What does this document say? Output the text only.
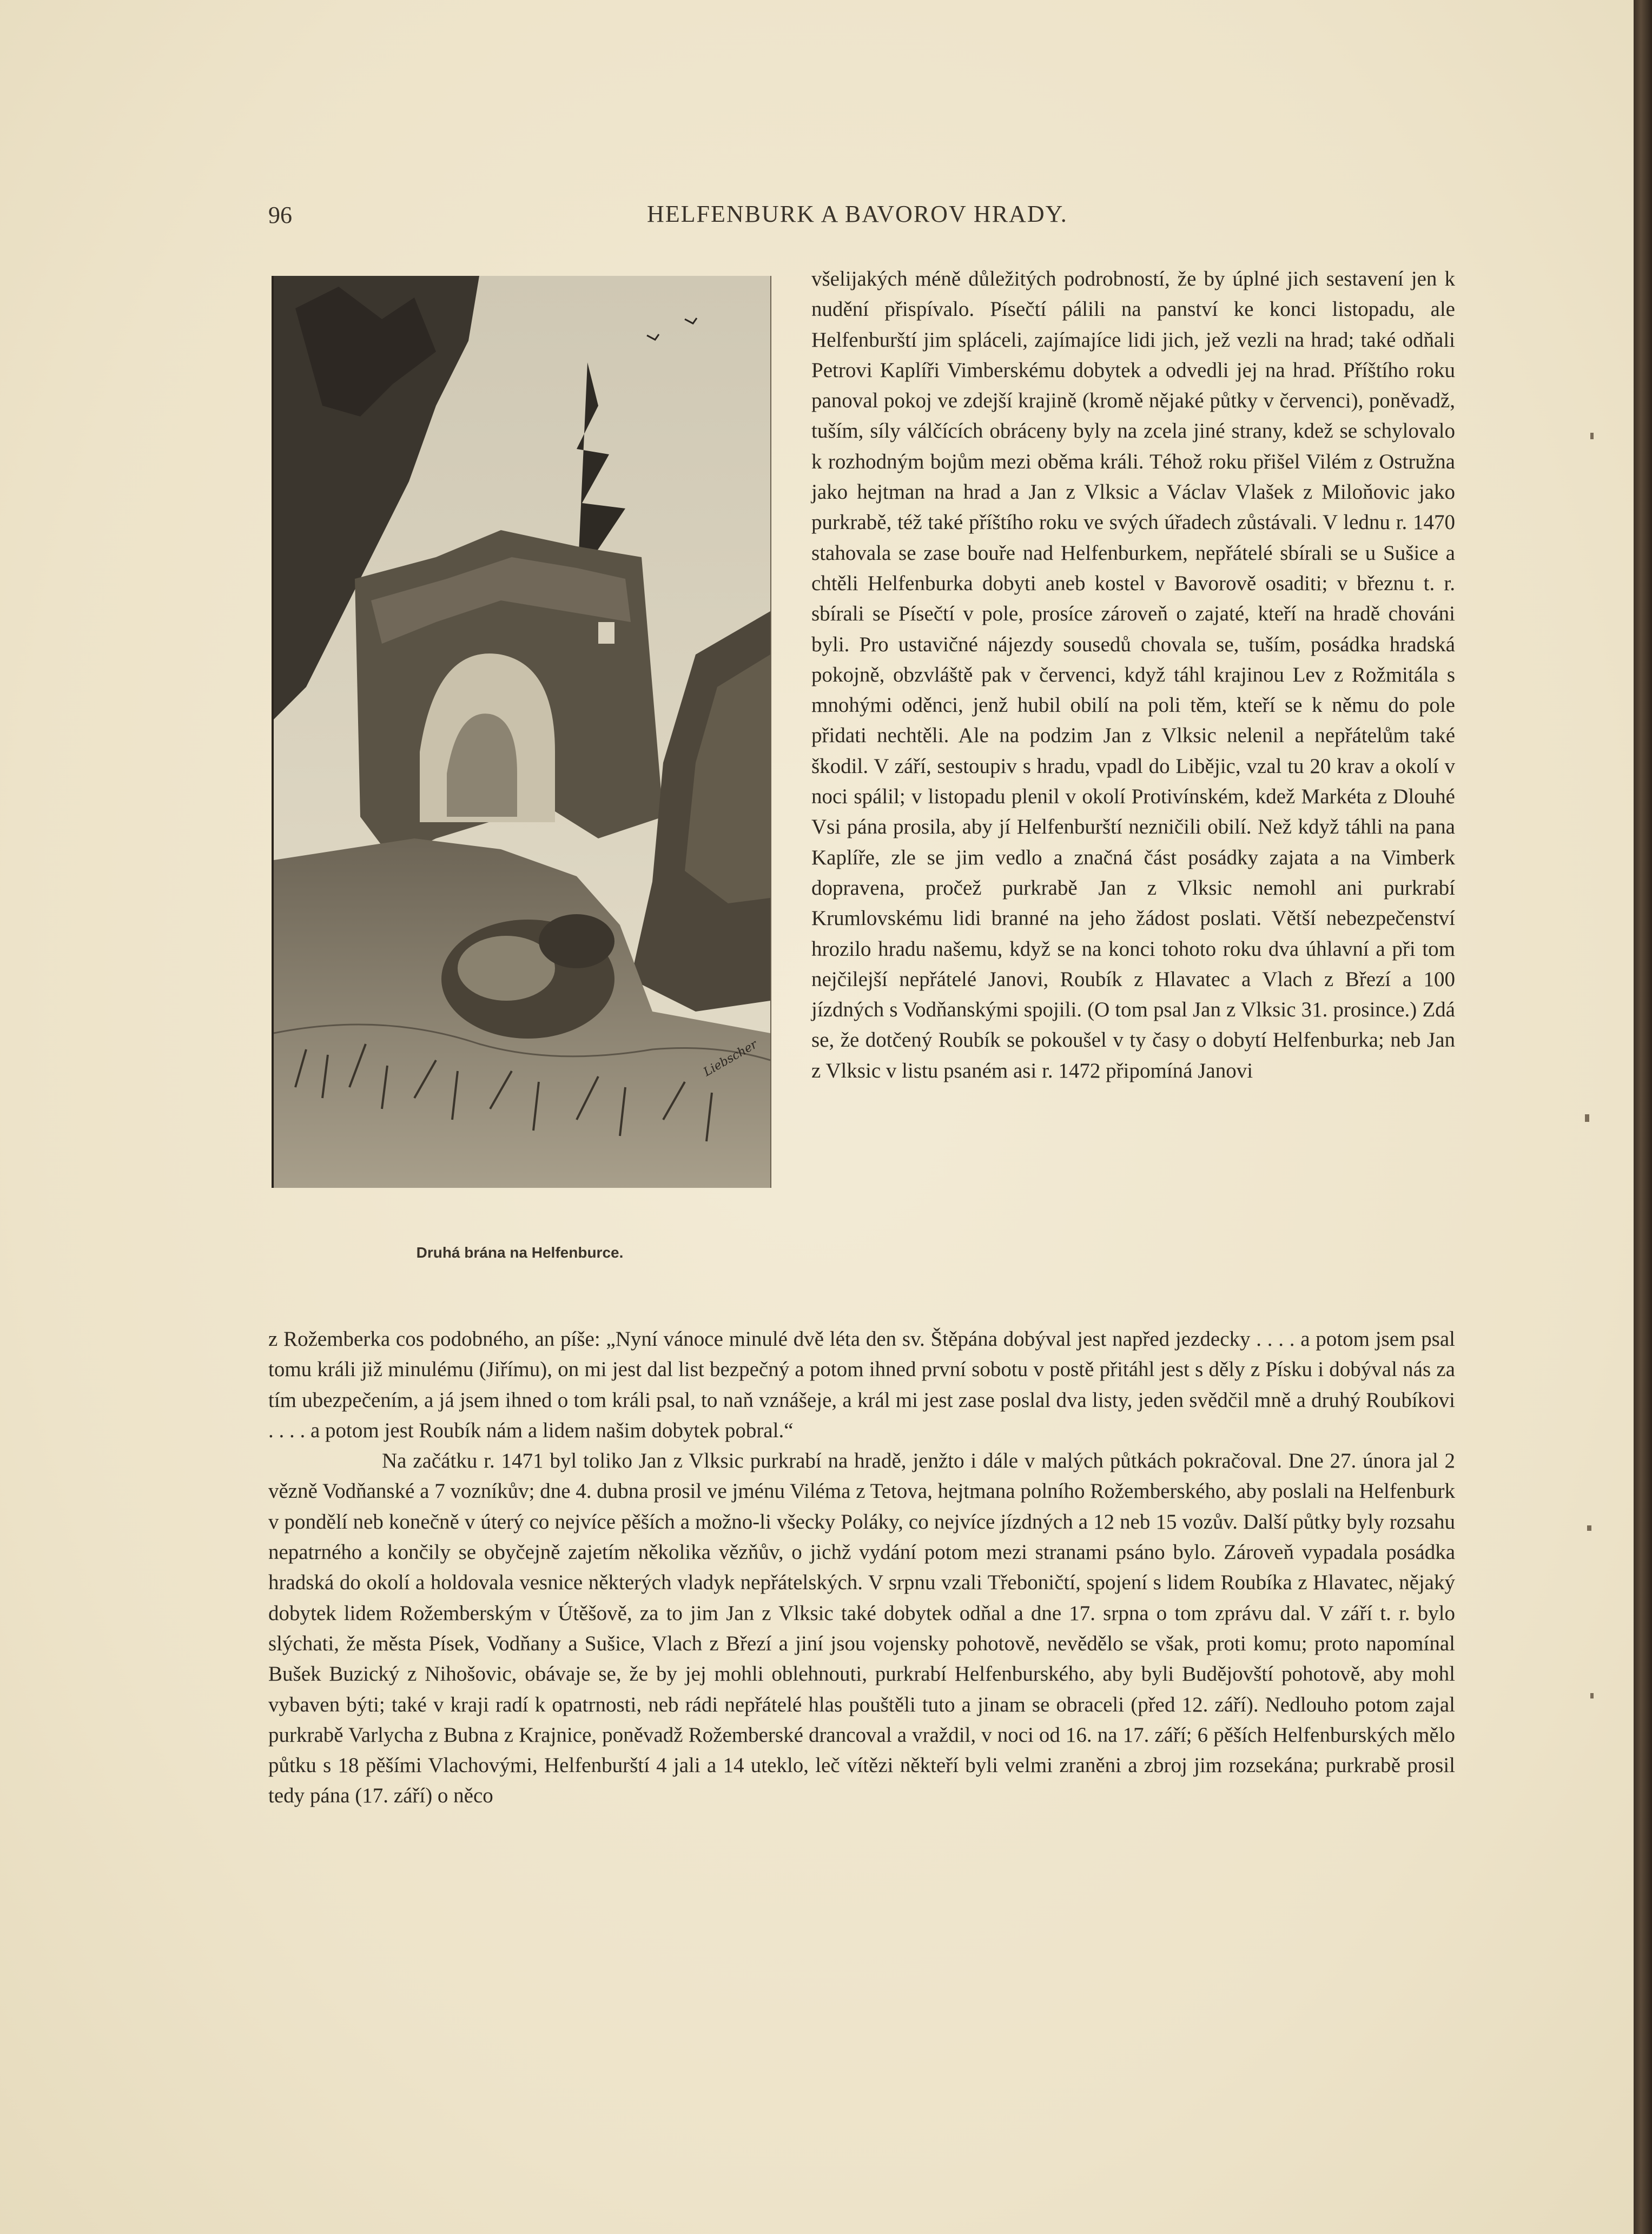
96	HELFENBURK A BAVOROV HRADY.
Liebscher
Druhá brána na Helfenburce.

všelijakých méně důležitých podrobností, že by úplné jich sestavení jen k nudění přispívalo. Písečtí pálili na panství ke konci listopadu, ale Helfenburští jim spláceli, zajímajíce lidi jich, jež vezli na hrad; také odňali Petrovi Kaplíři Vimberskému dobytek a odvedli jej na hrad. Příštího roku panoval pokoj ve zdejší krajině (kromě nějaké půtky v červenci), poněvadž, tuším, síly válčících obráceny byly na zcela jiné strany, kdež se schylovalo k rozhodným bojům mezi oběma králi. Téhož roku přišel Vilém z Ostružna jako hejtman na hrad a Jan z Vlksic a Václav Vlašek z Miloňovic jako purkrabě, též také příštího roku ve svých úřadech zůstávali. V lednu r. 1470 stahovala se zase bouře nad Helfenburkem, nepřátelé sbírali se u Sušice a chtěli Helfenburka dobyti aneb kostel v Bavorově osaditi; v březnu t. r. sbírali se Písečtí v pole, prosíce zároveň o zajaté, kteří na hradě chováni byli. Pro ustavičné nájezdy sousedů chovala se, tuším, posádka hradská pokojně, obzvláště pak v červenci, když táhl krajinou Lev z Rožmitála s mnohými oděnci, jenž hubil obilí na poli těm, kteří se k němu do pole přidati nechtěli. Ale na podzim Jan z Vlksic nelenil a nepřátelům také škodil. V září, sestoupiv s hradu, vpadl do Libějic, vzal tu 20 krav a okolí v noci spálil; v listopadu plenil v okolí Protivínském, kdež Markéta z Dlouhé Vsi pána prosila, aby jí Helfenburští nezničili obilí. Než když táhli na pana Kaplíře, zle se jim vedlo a značná část posádky zajata a na Vimberk dopravena, pročež purkrabě Jan z Vlksic nemohl ani purkrabí Krumlovskému lidi branné na jeho žádost poslati. Větší nebezpečenství hrozilo hradu našemu, když se na konci tohoto roku dva úhlavní a při tom nejčilejší nepřátelé Janovi, Roubík z Hlavatec a Vlach z Březí a 100 jízdných s Vodňanskými spojili. (O tom psal Jan z Vlksic 31. prosince.) Zdá se, že dotčený Roubík se pokoušel v ty časy o dobytí Helfenburka; neb Jan z Vlksic v listu psaném asi r. 1472 připomíná Janovi

z Rožemberka cos podobného, an píše: „Nyní vánoce minulé dvě léta den sv. Štěpána dobýval jest napřed jezdecky . . . . a potom jsem psal tomu králi již minulému (Jiřímu), on mi jest dal list bezpečný a potom ihned první sobotu v postě přitáhl jest s děly z Písku i dobýval nás za tím ubezpečením, a já jsem ihned o tom králi psal, to naň vznášeje, a král mi jest zase poslal dva listy, jeden svědčil mně a druhý Roubíkovi . . . . a potom jest Roubík nám a lidem našim dobytek pobral.“

Na začátku r. 1471 byl toliko Jan z Vlksic purkrabí na hradě, jenžto i dále v malých půtkách pokračoval. Dne 27. února jal 2 vězně Vodňanské a 7 vozníkův; dne 4. dubna prosil ve jménu Viléma z Tetova, hejtmana polního Rožemberského, aby poslali na Helfenburk v pondělí neb konečně v úterý co nejvíce pěších a možno-li všecky Poláky, co nejvíce jízdných a 12 neb 15 vozův. Další půtky byly rozsahu nepatrného a končily se obyčejně zajetím několika vězňův, o jichž vydání potom mezi stranami psáno bylo. Zároveň vypadala posádka hradská do okolí a holdovala vesnice některých vladyk nepřátelských. V srpnu vzali Třeboničtí, spojení s lidem Roubíka z Hlavatec, nějaký dobytek lidem Rožemberským v Útěšově, za to jim Jan z Vlksic také dobytek odňal a dne 17. srpna o tom zprávu dal. V září t. r. bylo slýchati, že města Písek, Vodňany a Sušice, Vlach z Březí a jiní jsou vojensky pohotově, nevědělo se však, proti komu; proto napomínal Bušek Buzický z Nihošovic, obávaje se, že by jej mohli oblehnouti, purkrabí Helfenburského, aby byli Budějovští pohotově, aby mohl vybaven býti; také v kraji radí k opatrnosti, neb rádi nepřátelé hlas pouštěli tuto a jinam se obraceli (před 12. září). Nedlouho potom zajal purkrabě Varlycha z Bubna z Krajnice, poněvadž Rožemberské drancoval a vraždil, v noci od 16. na 17. září; 6 pěších Helfenburských mělo půtku s 18 pěšími Vlachovými, Helfenburští 4 jali a 14 uteklo, leč vítězi někteří byli velmi zraněni a zbroj jim rozsekána; purkrabě prosil tedy pána (17. září) o něco
